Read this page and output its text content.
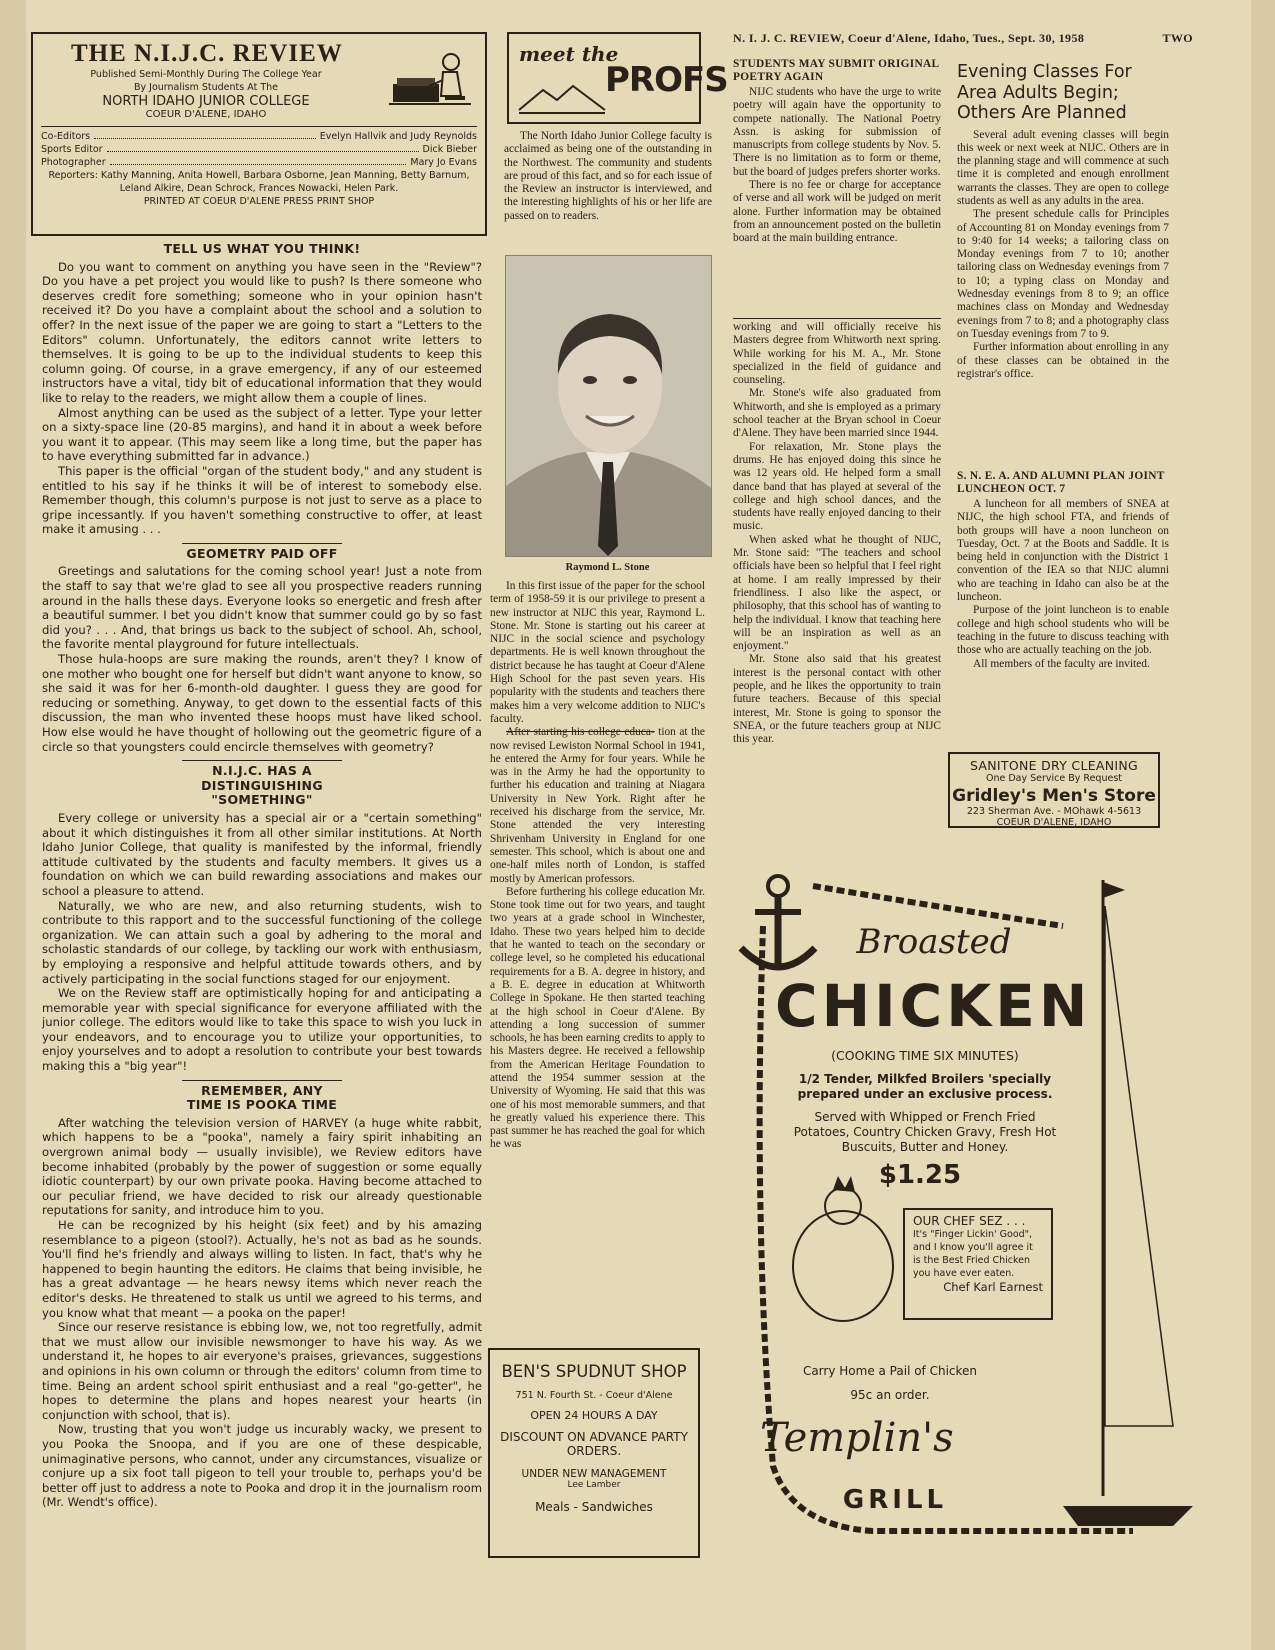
N. I. J. C. REVIEW, Coeur d'Alene, Idaho, Tues., Sept. 30, 1958	TWO
THE N.I.J.C. REVIEW
Published Semi-Monthly During The College Year
By Journalism Students At The
NORTH IDAHO JUNIOR COLLEGE
COEUR D'ALENE, IDAHO
Co-Editors	Evelyn Hallvik and Judy Reynolds
Sports Editor	Dick Bieber
Photographer	Mary Jo Evans
Reporters: Kathy Manning, Anita Howell, Barbara Osborne, Jean Manning, Betty Barnum, Leland Alkire, Dean Schrock, Frances Nowacki, Helen Park.
PRINTED AT COEUR D'ALENE PRESS PRINT SHOP
TELL US WHAT YOU THINK!

Do you want to comment on anything you have seen in the "Review"? Do you have a pet project you would like to push? Is there someone who deserves credit fore something; someone who in your opinion hasn't received it? Do you have a complaint about the school and a solution to offer? In the next issue of the paper we are going to start a "Letters to the Editors" column. Unfortunately, the editors cannot write letters to themselves. It is going to be up to the individual students to keep this column going. Of course, in a grave emergency, if any of our esteemed instructors have a vital, tidy bit of educational information that they would like to relay to the readers, we might allow them a couple of lines.

Almost anything can be used as the subject of a letter. Type your letter on a sixty-space line (20-85 margins), and hand it in about a week before you want it to appear. (This may seem like a long time, but the paper has to have everything submitted far in advance.)

This paper is the official "organ of the student body," and any student is entitled to his say if he thinks it will be of interest to somebody else. Remember though, this column's purpose is not just to serve as a place to gripe incessantly. If you haven't something constructive to offer, at least make it amusing . . .

GEOMETRY PAID OFF

Greetings and salutations for the coming school year! Just a note from the staff to say that we're glad to see all you prospective readers running around in the halls these days. Everyone looks so energetic and fresh after a beautiful summer. I bet you didn't know that summer could go by so fast did you? . . . And, that brings us back to the subject of school. Ah, school, the favorite mental playground for future intellectuals.

Those hula-hoops are sure making the rounds, aren't they? I know of one mother who bought one for herself but didn't want anyone to know, so she said it was for her 6-month-old daughter. I guess they are good for reducing or something. Anyway, to get down to the essential facts of this discussion, the man who invented these hoops must have liked school. How else would he have thought of hollowing out the geometric figure of a circle so that youngsters could encircle themselves with geometry?

N.I.J.C. HAS A DISTINGUISHING "SOMETHING"

Every college or university has a special air or a "certain something" about it which distinguishes it from all other similar institutions. At North Idaho Junior College, that quality is manifested by the informal, friendly attitude cultivated by the students and faculty members. It gives us a foundation on which we can build rewarding associations and makes our school a pleasure to attend.

Naturally, we who are new, and also returning students, wish to contribute to this rapport and to the successful functioning of the college organization. We can attain such a goal by adhering to the moral and scholastic standards of our college, by tackling our work with enthusiasm, by employing a responsive and helpful attitude towards others, and by actively participating in the social functions staged for our enjoyment.

We on the Review staff are optimistically hoping for and anticipating a memorable year with special significance for everyone affiliated with the junior college. The editors would like to take this space to wish you luck in your endeavors, and to encourage you to utilize your opportunities, to enjoy yourselves and to adopt a resolution to contribute your best towards making this a "big year"!

REMEMBER, ANY TIME IS POOKA TIME

After watching the television version of HARVEY (a huge white rabbit, which happens to be a "pooka", namely a fairy spirit inhabiting an overgrown animal body — usually invisible), we Review editors have become inhabited (probably by the power of suggestion or some equally idiotic counterpart) by our own private pooka. Having become attached to our peculiar friend, we have decided to risk our already questionable reputations for sanity, and introduce him to you.

He can be recognized by his height (six feet) and by his amazing resemblance to a pigeon (stool?). Actually, he's not as bad as he sounds. You'll find he's friendly and always willing to listen. In fact, that's why he happened to begin haunting the editors. He claims that being invisible, he has a great advantage — he hears newsy items which never reach the editor's desks. He threatened to stalk us until we agreed to his terms, and you know what that meant — a pooka on the paper!

Since our reserve resistance is ebbing low, we, not too regretfully, admit that we must allow our invisible newsmonger to have his way. As we understand it, he hopes to air everyone's praises, grievances, suggestions and opinions in his own column or through the editors' column from time to time. Being an ardent school spirit enthusiast and a real "go-getter", he hopes to determine the plans and hopes nearest your hearts (in conjunction with school, that is).

Now, trusting that you won't judge us incurably wacky, we present to you Pooka the Snoopa, and if you are one of these despicable, unimaginative persons, who cannot, under any circumstances, visualize or conjure up a six foot tall pigeon to tell your trouble to, perhaps you'd be better off just to address a note to Pooka and drop it in the journalism room (Mr. Wendt's office).

meet the
PROFS

The North Idaho Junior College faculty is acclaimed as being one of the outstanding in the Northwest. The community and students are proud of this fact, and so for each issue of the Review an instructor is interviewed, and the interesting highlights of his or her life are passed on to readers.

Raymond L. Stone

In this first issue of the paper for the school term of 1958-59 it is our privilege to present a new instructor at NIJC this year, Raymond L. Stone. Mr. Stone is starting out his career at NIJC in the social science and psychology departments. He is well known throughout the district because he has taught at Coeur d'Alene High School for the past seven years. His popularity with the students and teachers there makes him a very welcome addition to NIJC's faculty.

After starting his college educa- tion at the now revised Lewiston Normal School in 1941, he entered the Army for four years. While he was in the Army he had the opportunity to further his education and training at Niagara University in New York. Right after he received his discharge from the service, Mr. Stone attended the very interesting Shrivenham University in England for one semester. This school, which is about one and one-half miles north of London, is staffed mostly by American professors.

Before furthering his college education Mr. Stone took time out for two years, and taught two years at a grade school in Winchester, Idaho. These two years helped him to decide that he wanted to teach on the secondary or college level, so he completed his educational requirements for a B. A. degree in history, and a B. E. degree in education at Whitworth College in Spokane. He then started teaching at the high school in Coeur d'Alene. By attending a long succession of summer schools, he has been earning credits to apply to his Masters degree. He received a fellowship from the American Heritage Foundation to attend the 1954 summer session at the University of Wyoming. He said that this was one of his most memorable summers, and that he greatly valued his experience there. This past summer he has reached the goal for which he was

STUDENTS MAY SUBMIT ORIGINAL POETRY AGAIN

NIJC students who have the urge to write poetry will again have the opportunity to compete nationally. The National Poetry Assn. is asking for submission of manuscripts from college students by Nov. 5. There is no limitation as to form or theme, but the board of judges prefers shorter works.

There is no fee or charge for acceptance of verse and all work will be judged on merit alone. Further information may be obtained from an announcement posted on the bulletin board at the main building entrance.

working and will officially receive his Masters degree from Whitworth next spring. While working for his M. A., Mr. Stone specialized in the field of guidance and counseling.

Mr. Stone's wife also graduated from Whitworth, and she is employed as a primary school teacher at the Bryan school in Coeur d'Alene. They have been married since 1944.

For relaxation, Mr. Stone plays the drums. He has enjoyed doing this since he was 12 years old. He helped form a small dance band that has played at several of the college and high school dances, and the students have really enjoyed dancing to their music.

When asked what he thought of NIJC, Mr. Stone said: "The teachers and school officials have been so helpful that I feel right at home. I am really impressed by their friendliness. I also like the aspect, or philosophy, that this school has of wanting to help the individual. I know that teaching here will be an inspiration as well as an enjoyment."

Mr. Stone also said that his greatest interest is the personal contact with other people, and he likes the opportunity to train future teachers. Because of this special interest, Mr. Stone is going to sponsor the SNEA, or the future teachers group at NIJC this year.

Evening Classes For Area Adults Begin; Others Are Planned

Several adult evening classes will begin this week or next week at NIJC. Others are in the planning stage and will commence at such time it is completed and enough enrollment warrants the classes. They are open to college students as well as any adults in the area.

The present schedule calls for Principles of Accounting 81 on Monday evenings from 7 to 9:40 for 14 weeks; a tailoring class on Monday evenings from 7 to 10; another tailoring class on Wednesday evenings from 7 to 10; a typing class on Monday and Wednesday evenings from 8 to 9; an office machines class on Monday and Wednesday evenings from 7 to 8; and a photography class on Tuesday evenings from 7 to 9.

Further information about enrolling in any of these classes can be obtained in the registrar's office.

S. N. E. A. AND ALUMNI PLAN JOINT LUNCHEON OCT. 7

A luncheon for all members of SNEA at NIJC, the high school FTA, and friends of both groups will have a noon luncheon on Tuesday, Oct. 7 at the Boots and Saddle. It is being held in conjunction with the District 1 convention of the IEA so that NIJC alumni who are teaching in Idaho can also be at the luncheon.

Purpose of the joint luncheon is to enable college and high school students who will be teaching in the future to discuss teaching with those who are actually teaching on the job.

All members of the faculty are invited.

SANITONE DRY CLEANING
One Day Service By Request
Gridley's Men's Store
223 Sherman Ave. - MOhawk 4-5613
COEUR D'ALENE, IDAHO
BEN'S SPUDNUT SHOP
751 N. Fourth St. - Coeur d'Alene
OPEN 24 HOURS A DAY
DISCOUNT ON ADVANCE PARTY ORDERS.
UNDER NEW MANAGEMENT
Lee Lamber
Meals - Sandwiches
Broasted
CHICKEN
(COOKING TIME SIX MINUTES)
1/2 Tender, Milkfed Broilers 'specially prepared under an exclusive process.
Served with Whipped or French Fried Potatoes, Country Chicken Gravy, Fresh Hot Buscuits, Butter and Honey.
$1.25
OUR CHEF SEZ . . .
It's "Finger Lickin' Good", and I know you'll agree it is the Best Fried Chicken you have ever eaten.
Chef Karl Earnest
Carry Home a Pail of Chicken
95c an order.
Templin's
GRILL
